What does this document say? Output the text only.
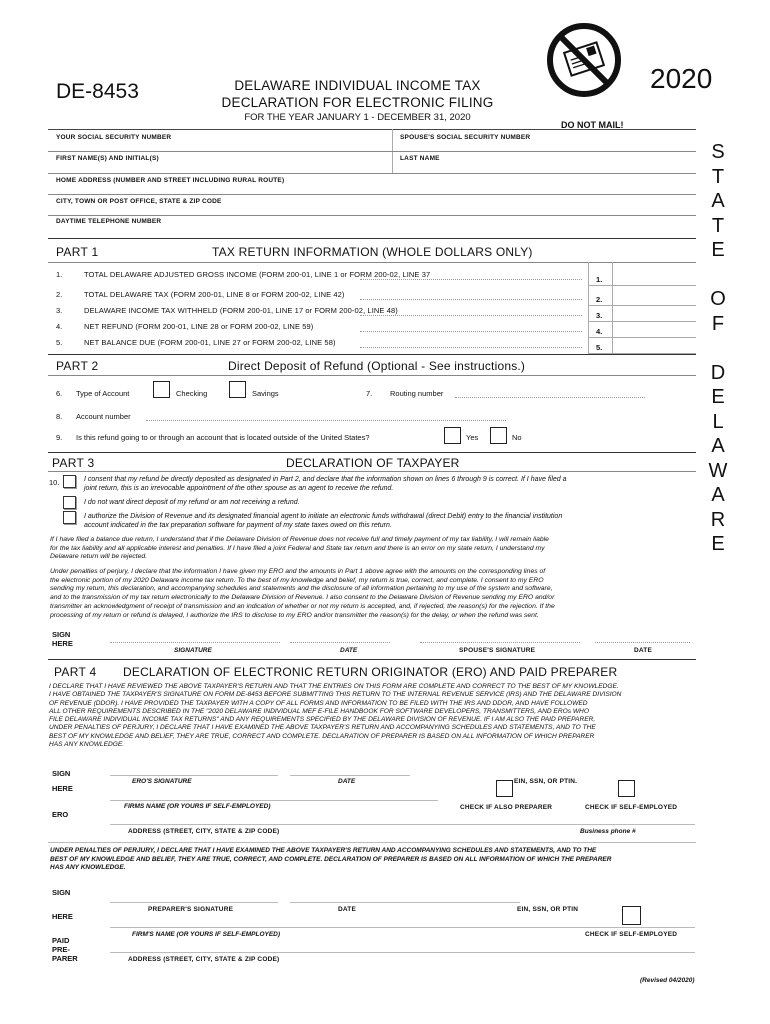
DE-8453	DELAWARE INDIVIDUAL INCOME TAX
DECLARATION FOR ELECTRONIC FILING
FOR THE YEAR JANUARY 1 - DECEMBER 31, 2020
2020
DO NOT MAIL!
S
T
A
T
E
O
F
D
E
L
A
W
A
R
E
YOUR SOCIAL SECURITY NUMBER	SPOUSE'S SOCIAL SECURITY NUMBER
FIRST NAME(S) AND INITIAL(S)	LAST NAME
HOME ADDRESS (NUMBER AND STREET INCLUDING RURAL ROUTE)
CITY, TOWN OR POST OFFICE, STATE & ZIP CODE
DAYTIME TELEPHONE NUMBER
PART 1	TAX RETURN INFORMATION (WHOLE DOLLARS ONLY)
1.	TOTAL DELAWARE ADJUSTED GROSS INCOME (FORM 200-01, LINE 1 or FORM 200-02, LINE 37
1.
2.	TOTAL DELAWARE TAX (FORM 200-01, LINE 8 or FORM 200-02, LINE 42)
2.
3.	DELAWARE INCOME TAX WITHHELD (FORM 200-01, LINE 17 or FORM 200-02, LINE 48)
3.
4.	NET REFUND (FORM 200-01, LINE 28 or FORM 200-02, LINE 59)
4.
5.	NET BALANCE DUE (FORM 200-01, LINE 27 or FORM 200-02, LINE 58)
5.
PART 2	Direct Deposit of Refund (Optional - See instructions.)
6. Type of Account	Checking	Savings	7. Routing number
8. Account number
9. Is this refund going to or through an account that is located outside of the United States?	Yes	No
PART 3	DECLARATION OF TAXPAYER
10.	I consent that my refund be directly deposited as designated in Part 2, and declare that the information shown on lines 6 through 9 is correct. If I have filed a
joint return, this is an irrevocable appointment of the other spouse as an agent to receive the refund.
I do not want direct deposit of my refund or am not receiving a refund.
I authorize the Division of Revenue and its designated financial agent to initiate an electronic funds withdrawal (direct Debit) entry to the financial institution
account indicated in the tax preparation software for payment of my state taxes owed on this return.
If I have filed a balance due return, I understand that if the Delaware Division of Revenue does not receive full and timely payment of my tax liability, I will remain liable
for the tax liability and all applicable interest and penalties. If I have filed a joint Federal and State tax return and there is an error on my state return, I understand my
Delaware return will be rejected.
Under penalties of perjury, I declare that the information I have given my ERO and the amounts in Part 1 above agree with the amounts on the corresponding lines of
the electronic portion of my 2020 Delaware income tax return. To the best of my knowledge and belief, my return is true, correct, and complete. I consent to my ERO
sending my return, this declaration, and accompanying schedules and statements and the disclosure of all information pertaining to my use of the system and software,
and to the transmission of my tax return electronically to the Delaware Division of Revenue. I also consent to the Delaware Division of Revenue sending my ERO and/or
transmitter an acknowledgment of receipt of transmission and an indication of whether or not my return is accepted, and, if rejected, the reason(s) for the rejection. If the
processing of my return or refund is delayed, I authorize the IRS to disclose to my ERO and/or transmitter the reason(s) for the delay, or when the refund was sent.
SIGN
HERE
SIGNATURE	DATE	SPOUSE'S SIGNATURE	DATE
PART 4 DECLARATION OF ELECTRONIC RETURN ORIGINATOR (ERO) AND PAID PREPARER
I DECLARE THAT I HAVE REVIEWED THE ABOVE TAXPAYER'S RETURN AND THAT THE ENTRIES ON THIS FORM ARE COMPLETE AND CORRECT TO THE BEST OF MY KNOWLEDGE.
I HAVE OBTAINED THE TAXPAYER'S SIGNATURE ON FORM DE-8453 BEFORE SUBMITTING THIS RETURN TO THE INTERNAL REVENUE SERVICE (IRS) AND THE DELAWARE DIVISION
OF REVENUE (DDOR). I HAVE PROVIDED THE TAXPAYER WITH A COPY OF ALL FORMS AND INFORMATION TO BE FILED WITH THE IRS AND DDOR, AND HAVE FOLLOWED
ALL OTHER REQUIREMENTS DESCRIBED IN THE "2020 DELAWARE INDIVIDUAL MEF E-FILE HANDBOOK FOR SOFTWARE DEVELOPERS, TRANSMITTERS, AND EROs WHO
FILE DELAWARE INDIVIDUAL INCOME TAX RETURNS" AND ANY REQUIREMENTS SPECIFIED BY THE DELAWARE DIVISION OF REVENUE. IF I AM ALSO THE PAID PREPARER,
UNDER PENALTIES OF PERJURY, I DECLARE THAT I HAVE EXAMINED THE ABOVE TAXPAYER'S RETURN AND ACCOMPANYING SCHEDULES AND STATEMENTS, AND TO THE
BEST OF MY KNOWLEDGE AND BELIEF, THEY ARE TRUE, CORRECT AND COMPLETE. DECLARATION OF PREPARER IS BASED ON ALL INFORMATION OF WHICH PREPARER
HAS ANY KNOWLEDGE.
SIGN
HERE
ERO
ERO'S SIGNATURE	DATE	EIN, SSN, OR PTIN.
FIRMS NAME (OR YOURS IF SELF-EMPLOYED)	CHECK IF ALSO PREPARER	CHECK IF SELF-EMPLOYED
ADDRESS (STREET, CITY, STATE & ZIP CODE)	Business phone #
UNDER PENALTIES OF PERJURY, I DECLARE THAT I HAVE EXAMINED THE ABOVE TAXPAYER'S RETURN AND ACCOMPANYING SCHEDULES AND STATEMENTS, AND TO THE
BEST OF MY KNOWLEDGE AND BELIEF, THEY ARE TRUE, CORRECT, AND COMPLETE. DECLARATION OF PREPARER IS BASED ON ALL INFORMATION OF WHICH THE PREPARER
HAS ANY KNOWLEDGE.
SIGN
HERE
PREPARER'S SIGNATURE	DATE	EIN, SSN, OR PTIN
FIRM'S NAME (OR YOURS IF SELF-EMPLOYED)	CHECK IF SELF-EMPLOYED
PAID
PRE-
PARER	ADDRESS (STREET, CITY, STATE & ZIP CODE)
(Revised 04/2020)
